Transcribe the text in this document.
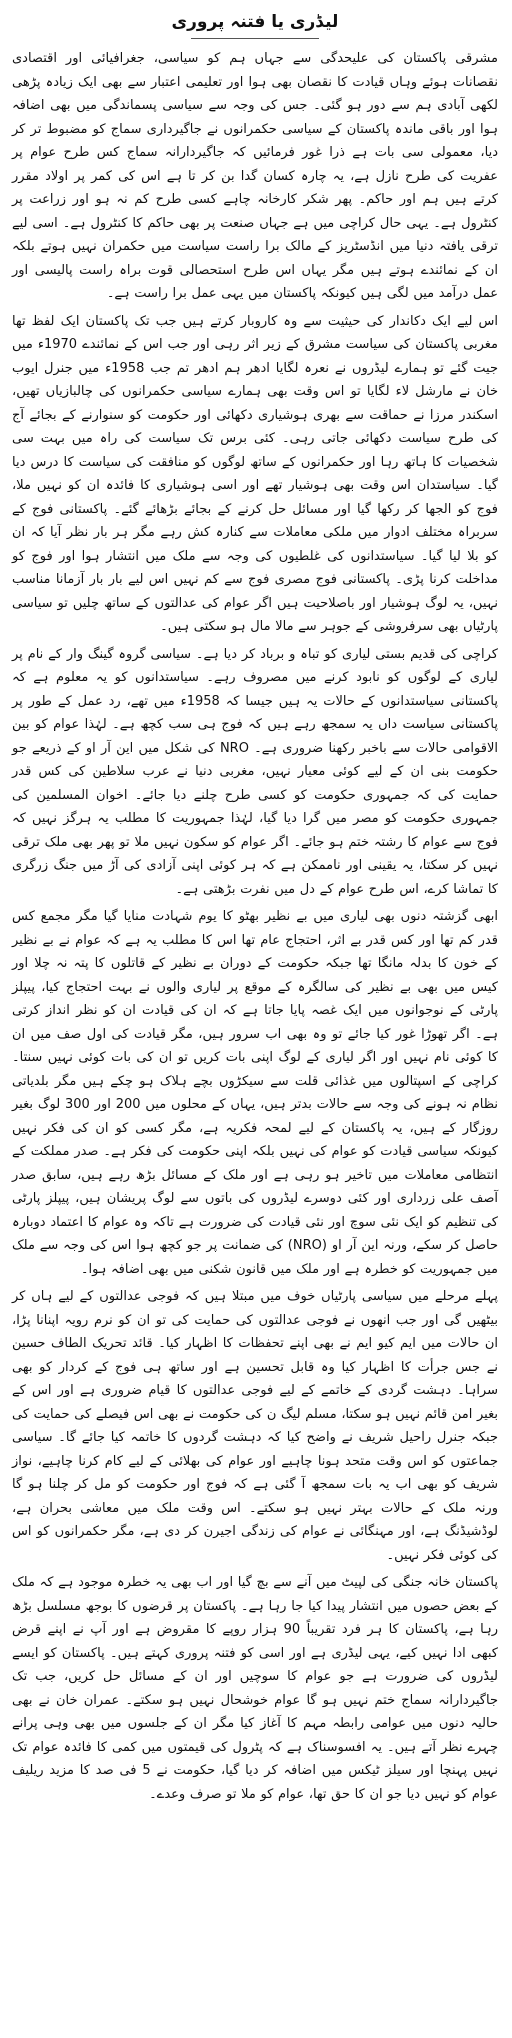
لیڈری یا فتنہ پروری

مشرقی پاکستان کی علیحدگی سے جہاں ہم کو سیاسی، جغرافیائی اور اقتصادی نقصانات ہوئے وہاں قیادت کا نقصان بھی ہوا اور تعلیمی اعتبار سے بھی ایک زیادہ پڑھی لکھی آبادی ہم سے دور ہو گئی۔ جس کی وجہ سے سیاسی پسماندگی میں بھی اضافہ ہوا اور باقی ماندہ پاکستان کے سیاسی حکمرانوں نے جاگیرداری سماج کو مضبوط تر کر دیا، معمولی سی بات ہے ذرا غور فرمائیں کہ جاگیردارانہ سماج کس طرح عوام پر عفریت کی طرح نازل ہے، یہ چارہ کسان گدا بن کر تا ہے اس کی کمر پر اولاد مقرر کرتے ہیں ہم اور حاکم۔ پھر شکر کارخانہ چاہے کسی طرح کم نہ ہو اور زراعت پر کنٹرول ہے۔ یہی حال کراچی میں ہے جہاں صنعت پر بھی حاکم کا کنٹرول ہے۔ اسی لیے ترقی یافتہ دنیا میں انڈسٹریز کے مالک برا راست سیاست میں حکمران نہیں ہوتے بلکہ ان کے نمائندے ہوتے ہیں مگر یہاں اس طرح استحصالی قوت براہ راست پالیسی اور عمل درآمد میں لگی ہیں کیونکہ پاکستان میں یہی عمل برا راست ہے۔

اس لیے ایک دکاندار کی حیثیت سے وہ کاروبار کرتے ہیں جب تک پاکستان ایک لفظ تھا مغربی پاکستان کی سیاست مشرق کے زیر اثر رہی اور جب اس کے نمائندے 1970ء میں جیت گئے تو ہمارے لیڈروں نے نعرہ لگایا ادھر ہم ادھر تم جب 1958ء میں جنرل ایوب خان نے مارشل لاء لگایا تو اس وقت بھی ہمارے سیاسی حکمرانوں کی چالبازیاں تھیں، اسکندر مرزا نے حماقت سے بھری ہوشیاری دکھائی اور حکومت کو سنوارنے کے بجائے آج کی طرح سیاست دکھائی جاتی رہی۔ کئی برس تک سیاست کی راہ میں بہت سی شخصیات کا ہاتھ رہا اور حکمرانوں کے ساتھ لوگوں کو منافقت کی سیاست کا درس دیا گیا۔ سیاستدان اس وقت بھی ہوشیار تھے اور اسی ہوشیاری کا فائدہ ان کو نہیں ملا، فوج کو الجھا کر رکھا گیا اور مسائل حل کرنے کے بجائے بڑھائے گئے۔ پاکستانی فوج کے سربراہ مختلف ادوار میں ملکی معاملات سے کنارہ کش رہے مگر ہر بار نظر آیا کہ ان کو بلا لیا گیا۔ سیاستدانوں کی غلطیوں کی وجہ سے ملک میں انتشار ہوا اور فوج کو مداخلت کرنا پڑی۔ پاکستانی فوج مصری فوج سے کم نہیں اس لیے بار بار آزمانا مناسب نہیں، یہ لوگ ہوشیار اور باصلاحیت ہیں اگر عوام کی عدالتوں کے ساتھ چلیں تو سیاسی پارٹیاں بھی سرفروشی کے جوہر سے مالا مال ہو سکتی ہیں۔

کراچی کی قدیم بستی لیاری کو تباہ و برباد کر دیا ہے۔ سیاسی گروہ گینگ وار کے نام پر لیاری کے لوگوں کو نابود کرنے میں مصروف رہے۔ سیاستدانوں کو یہ معلوم ہے کہ پاکستانی سیاستدانوں کے حالات یہ ہیں جیسا کہ 1958ء میں تھے، رد عمل کے طور پر پاکستانی سیاست داں یہ سمجھ رہے ہیں کہ فوج ہی سب کچھ ہے۔ لہٰذا عوام کو بین الاقوامی حالات سے باخبر رکھنا ضروری ہے۔ NRO کی شکل میں این آر او کے ذریعے جو حکومت بنی ان کے لیے کوئی معیار نہیں، مغربی دنیا نے عرب سلاطین کی کس قدر حمایت کی کہ جمہوری حکومت کو کسی طرح چلنے دیا جائے۔ اخوان المسلمین کی جمہوری حکومت کو مصر میں گرا دیا گیا، لہٰذا جمہوریت کا مطلب یہ ہرگز نہیں کہ فوج سے عوام کا رشتہ ختم ہو جائے۔ اگر عوام کو سکون نہیں ملا تو پھر بھی ملک ترقی نہیں کر سکتا، یہ یقینی اور ناممکن ہے کہ ہر کوئی اپنی آزادی کی آڑ میں جنگ زرگری کا تماشا کرے، اس طرح عوام کے دل میں نفرت بڑھتی ہے۔

ابھی گزشتہ دنوں بھی لیاری میں بے نظیر بھٹو کا یوم شہادت منایا گیا مگر مجمع کس قدر کم تھا اور کس قدر بے اثر، احتجاج عام تھا اس کا مطلب یہ ہے کہ عوام نے بے نظیر کے خون کا بدلہ مانگا تھا جبکہ حکومت کے دوران بے نظیر کے قاتلوں کا پتہ نہ چلا اور کیس میں بھی بے نظیر کی سالگرہ کے موقع پر لیاری والوں نے بہت احتجاج کیا، پیپلز پارٹی کے نوجوانوں میں ایک غصہ پایا جاتا ہے کہ ان کی قیادت ان کو نظر انداز کرتی ہے۔ اگر تھوڑا غور کیا جائے تو وہ بھی اب سرور ہیں، مگر قیادت کی اول صف میں ان کا کوئی نام نہیں اور اگر لیاری کے لوگ اپنی بات کریں تو ان کی بات کوئی نہیں سنتا۔ کراچی کے اسپتالوں میں غذائی قلت سے سیکڑوں بچے ہلاک ہو چکے ہیں مگر بلدیاتی نظام نہ ہونے کی وجہ سے حالات بدتر ہیں، یہاں کے محلوں میں 200 اور 300 لوگ بغیر روزگار کے ہیں، یہ پاکستان کے لیے لمحہ فکریہ ہے، مگر کسی کو ان کی فکر نہیں کیونکہ سیاسی قیادت کو عوام کی نہیں بلکہ اپنی حکومت کی فکر ہے۔ صدر مملکت کے انتظامی معاملات میں تاخیر ہو رہی ہے اور ملک کے مسائل بڑھ رہے ہیں، سابق صدر آصف علی زرداری اور کئی دوسرے لیڈروں کی باتوں سے لوگ پریشان ہیں، پیپلز پارٹی کی تنظیم کو ایک نئی سوچ اور نئی قیادت کی ضرورت ہے تاکہ وہ عوام کا اعتماد دوبارہ حاصل کر سکے، ورنہ این آر او (NRO) کی ضمانت پر جو کچھ ہوا اس کی وجہ سے ملک میں جمہوریت کو خطرہ ہے اور ملک میں قانون شکنی میں بھی اضافہ ہوا۔

پہلے مرحلے میں سیاسی پارٹیاں خوف میں مبتلا ہیں کہ فوجی عدالتوں کے لیے ہاں کر بیٹھیں گی اور جب انھوں نے فوجی عدالتوں کی حمایت کی تو ان کو نرم رویہ اپنانا پڑا، ان حالات میں ایم کیو ایم نے بھی اپنے تحفظات کا اظہار کیا۔ قائد تحریک الطاف حسین نے جس جرأت کا اظہار کیا وہ قابل تحسین ہے اور ساتھ ہی فوج کے کردار کو بھی سراہا۔ دہشت گردی کے خاتمے کے لیے فوجی عدالتوں کا قیام ضروری ہے اور اس کے بغیر امن قائم نہیں ہو سکتا، مسلم لیگ ن کی حکومت نے بھی اس فیصلے کی حمایت کی جبکہ جنرل راحیل شریف نے واضح کیا کہ دہشت گردوں کا خاتمہ کیا جائے گا۔ سیاسی جماعتوں کو اس وقت متحد ہونا چاہیے اور عوام کی بھلائی کے لیے کام کرنا چاہیے، نواز شریف کو بھی اب یہ بات سمجھ آ گئی ہے کہ فوج اور حکومت کو مل کر چلنا ہو گا ورنہ ملک کے حالات بہتر نہیں ہو سکتے۔ اس وقت ملک میں معاشی بحران ہے، لوڈشیڈنگ ہے، اور مہنگائی نے عوام کی زندگی اجیرن کر دی ہے، مگر حکمرانوں کو اس کی کوئی فکر نہیں۔

پاکستان خانہ جنگی کی لپیٹ میں آنے سے بچ گیا اور اب بھی یہ خطرہ موجود ہے کہ ملک کے بعض حصوں میں انتشار پیدا کیا جا رہا ہے۔ پاکستان پر قرضوں کا بوجھ مسلسل بڑھ رہا ہے، پاکستان کا ہر فرد تقریباً 90 ہزار روپے کا مقروض ہے اور آپ نے اپنے قرض کبھی ادا نہیں کیے، یہی لیڈری ہے اور اسی کو فتنہ پروری کہتے ہیں۔ پاکستان کو ایسے لیڈروں کی ضرورت ہے جو عوام کا سوچیں اور ان کے مسائل حل کریں، جب تک جاگیردارانہ سماج ختم نہیں ہو گا عوام خوشحال نہیں ہو سکتے۔ عمران خان نے بھی حالیہ دنوں میں عوامی رابطہ مہم کا آغاز کیا مگر ان کے جلسوں میں بھی وہی پرانے چہرے نظر آتے ہیں۔ یہ افسوسناک ہے کہ پٹرول کی قیمتوں میں کمی کا فائدہ عوام تک نہیں پہنچا اور سیلز ٹیکس میں اضافہ کر دیا گیا، حکومت نے 5 فی صد کا مزید ریلیف عوام کو نہیں دیا جو ان کا حق تھا، عوام کو ملا تو صرف وعدے۔
